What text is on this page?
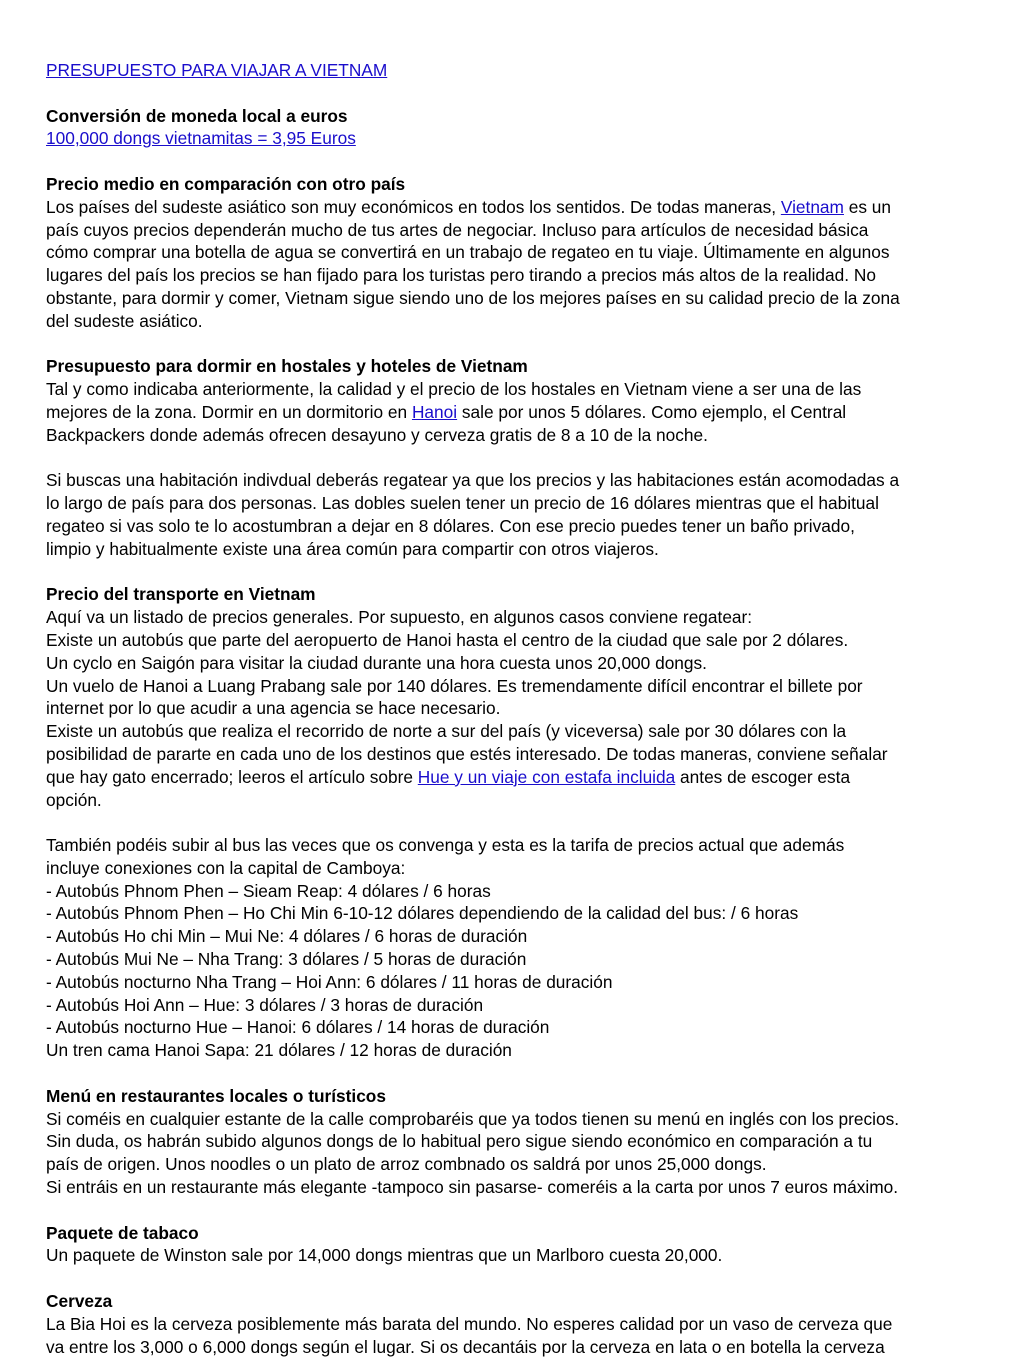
PRESUPUESTO PARA VIAJAR A VIETNAM
Conversión de moneda local a euros
100,000 dongs vietnamitas = 3,95 Euros
Precio medio en comparación con otro país
Los países del sudeste asiático son muy económicos en todos los sentidos. De todas maneras, Vietnam es un
país cuyos precios dependerán mucho de tus artes de negociar. Incluso para artículos de necesidad básica
cómo comprar una botella de agua se convertirá en un trabajo de regateo en tu viaje. Últimamente en algunos
lugares del país los precios se han fijado para los turistas pero tirando a precios más altos de la realidad. No
obstante, para dormir y comer, Vietnam sigue siendo uno de los mejores países en su calidad precio de la zona
del sudeste asiático.
Presupuesto para dormir en hostales y hoteles de Vietnam
Tal y como indicaba anteriormente, la calidad y el precio de los hostales en Vietnam viene a ser una de las
mejores de la zona. Dormir en un dormitorio en Hanoi sale por unos 5 dólares. Como ejemplo, el Central
Backpackers donde además ofrecen desayuno y cerveza gratis de 8 a 10 de la noche.
Si buscas una habitación indivdual deberás regatear ya que los precios y las habitaciones están acomodadas a
lo largo de país para dos personas. Las dobles suelen tener un precio de 16 dólares mientras que el habitual
regateo si vas solo te lo acostumbran a dejar en 8 dólares. Con ese precio puedes tener un baño privado,
limpio y habitualmente existe una área común para compartir con otros viajeros.
Precio del transporte en Vietnam
Aquí va un listado de precios generales. Por supuesto, en algunos casos conviene regatear:
Existe un autobús que parte del aeropuerto de Hanoi hasta el centro de la ciudad que sale por 2 dólares.
Un cyclo en Saigón para visitar la ciudad durante una hora cuesta unos 20,000 dongs.
Un vuelo de Hanoi a Luang Prabang sale por 140 dólares. Es tremendamente difícil encontrar el billete por
internet por lo que acudir a una agencia se hace necesario.
Existe un autobús que realiza el recorrido de norte a sur del país (y viceversa) sale por 30 dólares con la
posibilidad de pararte en cada uno de los destinos que estés interesado. De todas maneras, conviene señalar
que hay gato encerrado; leeros el artículo sobre Hue y un viaje con estafa incluida antes de escoger esta
opción.
También podéis subir al bus las veces que os convenga y esta es la tarifa de precios actual que además
incluye conexiones con la capital de Camboya:
- Autobús Phnom Phen – Sieam Reap: 4 dólares / 6 horas
- Autobús Phnom Phen – Ho Chi Min 6-10-12 dólares dependiendo de la calidad del bus: / 6 horas
- Autobús Ho chi Min – Mui Ne: 4 dólares / 6 horas de duración
- Autobús Mui Ne – Nha Trang: 3 dólares / 5 horas de duración
- Autobús nocturno Nha Trang – Hoi Ann: 6 dólares / 11 horas de duración
- Autobús Hoi Ann – Hue: 3 dólares / 3 horas de duración
- Autobús nocturno Hue – Hanoi: 6 dólares / 14 horas de duración
Un tren cama Hanoi Sapa: 21 dólares / 12 horas de duración
Menú en restaurantes locales o turísticos
Si coméis en cualquier estante de la calle comprobaréis que ya todos tienen su menú en inglés con los precios.
Sin duda, os habrán subido algunos dongs de lo habitual pero sigue siendo económico en comparación a tu
país de origen. Unos noodles o un plato de arroz combnado os saldrá por unos 25,000 dongs.
Si entráis en un restaurante más elegante -tampoco sin pasarse- comeréis a la carta por unos 7 euros máximo.
Paquete de tabaco
Un paquete de Winston sale por 14,000 dongs mientras que un Marlboro cuesta 20,000.
Cerveza
La Bia Hoi es la cerveza posiblemente más barata del mundo. No esperes calidad por un vaso de cerveza que
va entre los 3,000 o 6,000 dongs según el lugar. Si os decantáis por la cerveza en lata o en botella la cerveza
